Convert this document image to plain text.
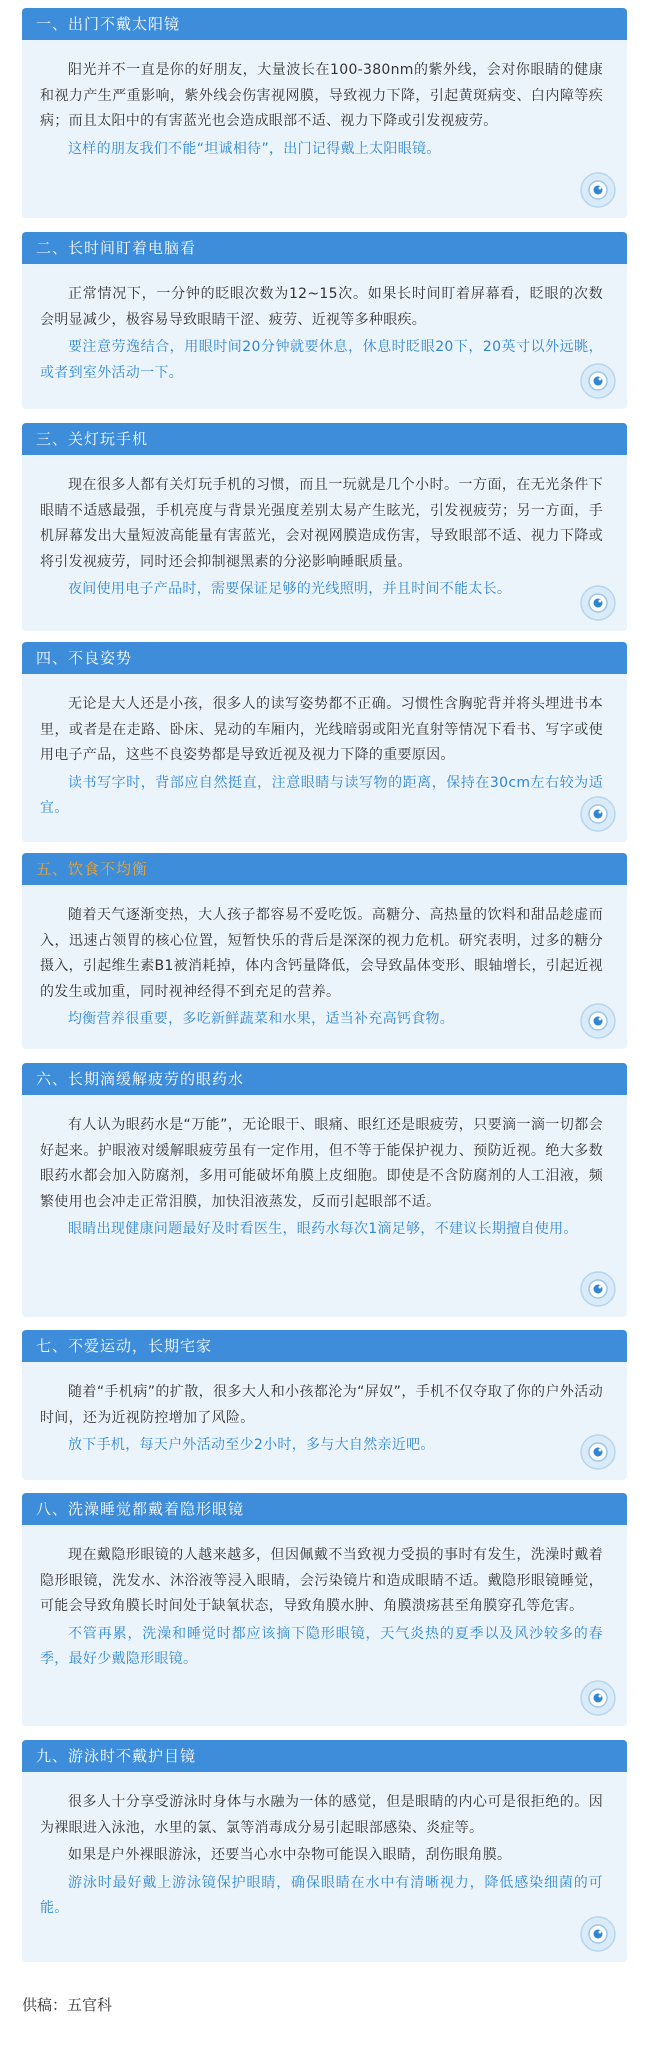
一、出门不戴太阳镜

阳光并不一直是你的好朋友，大量波长在100-380nm的紫外线，会对你眼睛的健康和视力产生严重影响，紫外线会伤害视网膜，导致视力下降，引起黄斑病变、白内障等疾病；而且太阳中的有害蓝光也会造成眼部不适、视力下降或引发视疲劳。

这样的朋友我们不能“坦诚相待”，出门记得戴上太阳眼镜。

二、长时间盯着电脑看

正常情况下，一分钟的眨眼次数为12~15次。如果长时间盯着屏幕看，眨眼的次数会明显减少，极容易导致眼睛干涩、疲劳、近视等多种眼疾。

要注意劳逸结合，用眼时间20分钟就要休息，休息时眨眼20下，20英寸以外远眺，或者到室外活动一下。

三、关灯玩手机

现在很多人都有关灯玩手机的习惯，而且一玩就是几个小时。一方面，在无光条件下眼睛不适感最强，手机亮度与背景光强度差别太易产生眩光，引发视疲劳；另一方面，手机屏幕发出大量短波高能量有害蓝光，会对视网膜造成伤害，导致眼部不适、视力下降或将引发视疲劳，同时还会抑制褪黑素的分泌影响睡眠质量。

夜间使用电子产品时，需要保证足够的光线照明，并且时间不能太长。

四、不良姿势

无论是大人还是小孩，很多人的读写姿势都不正确。习惯性含胸驼背并将头埋进书本里，或者是在走路、卧床、晃动的车厢内，光线暗弱或阳光直射等情况下看书、写字或使用电子产品，这些不良姿势都是导致近视及视力下降的重要原因。

读书写字时，背部应自然挺直，注意眼睛与读写物的距离，保持在30cm左右较为适宜。

五、饮食不均衡

随着天气逐渐变热，大人孩子都容易不爱吃饭。高糖分、高热量的饮料和甜品趁虚而入，迅速占领胃的核心位置，短暂快乐的背后是深深的视力危机。研究表明，过多的糖分摄入，引起维生素B1被消耗掉，体内含钙量降低，会导致晶体变形、眼轴增长，引起近视的发生或加重，同时视神经得不到充足的营养。

均衡营养很重要，多吃新鲜蔬菜和水果，适当补充高钙食物。

六、长期滴缓解疲劳的眼药水

有人认为眼药水是“万能”，无论眼干、眼痛、眼红还是眼疲劳，只要滴一滴一切都会好起来。护眼液对缓解眼疲劳虽有一定作用，但不等于能保护视力、预防近视。绝大多数眼药水都会加入防腐剂，多用可能破坏角膜上皮细胞。即使是不含防腐剂的人工泪液，频繁使用也会冲走正常泪膜，加快泪液蒸发，反而引起眼部不适。

眼睛出现健康问题最好及时看医生，眼药水每次1滴足够，不建议长期擅自使用。

七、不爱运动，长期宅家

随着“手机病”的扩散，很多大人和小孩都沦为“屏奴”，手机不仅夺取了你的户外活动时间，还为近视防控增加了风险。

放下手机，每天户外活动至少2小时，多与大自然亲近吧。

八、洗澡睡觉都戴着隐形眼镜

现在戴隐形眼镜的人越来越多，但因佩戴不当致视力受损的事时有发生，洗澡时戴着隐形眼镜，洗发水、沐浴液等浸入眼睛，会污染镜片和造成眼睛不适。戴隐形眼镜睡觉，可能会导致角膜长时间处于缺氧状态，导致角膜水肿、角膜溃疡甚至角膜穿孔等危害。

不管再累，洗澡和睡觉时都应该摘下隐形眼镜，天气炎热的夏季以及风沙较多的春季，最好少戴隐形眼镜。

九、游泳时不戴护目镜

很多人十分享受游泳时身体与水融为一体的感觉，但是眼睛的内心可是很拒绝的。因为裸眼进入泳池，水里的氯、氯等消毒成分易引起眼部感染、炎症等。

如果是户外裸眼游泳，还要当心水中杂物可能误入眼睛，刮伤眼角膜。

游泳时最好戴上游泳镜保护眼睛，确保眼睛在水中有清晰视力，降低感染细菌的可能。

供稿：五官科
